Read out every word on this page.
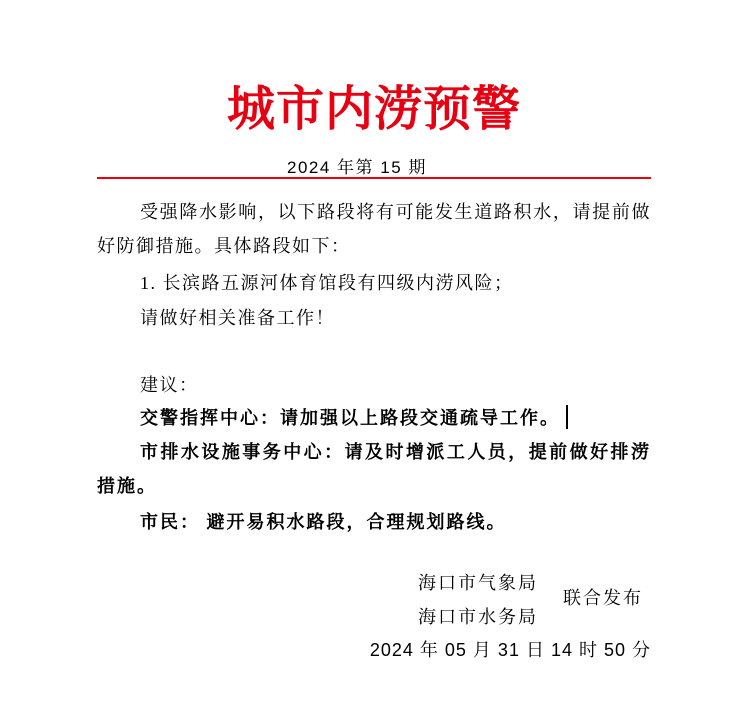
城市内涝预警
2024 年第 15 期

受强降水影响，以下路段将有可能发生道路积水，请提前做好防御措施。具体路段如下：

1. 长滨路五源河体育馆段有四级内涝风险；

请做好相关准备工作！

建议：

交警指挥中心：请加强以上路段交通疏导工作。

市排水设施事务中心：请及时增派工人员，提前做好排涝措施。

市民： 避开易积水路段，合理规划路线。

海口市气象局
海口市水务局
联合发布
2024 年 05 月 31 日 14 时 50 分
